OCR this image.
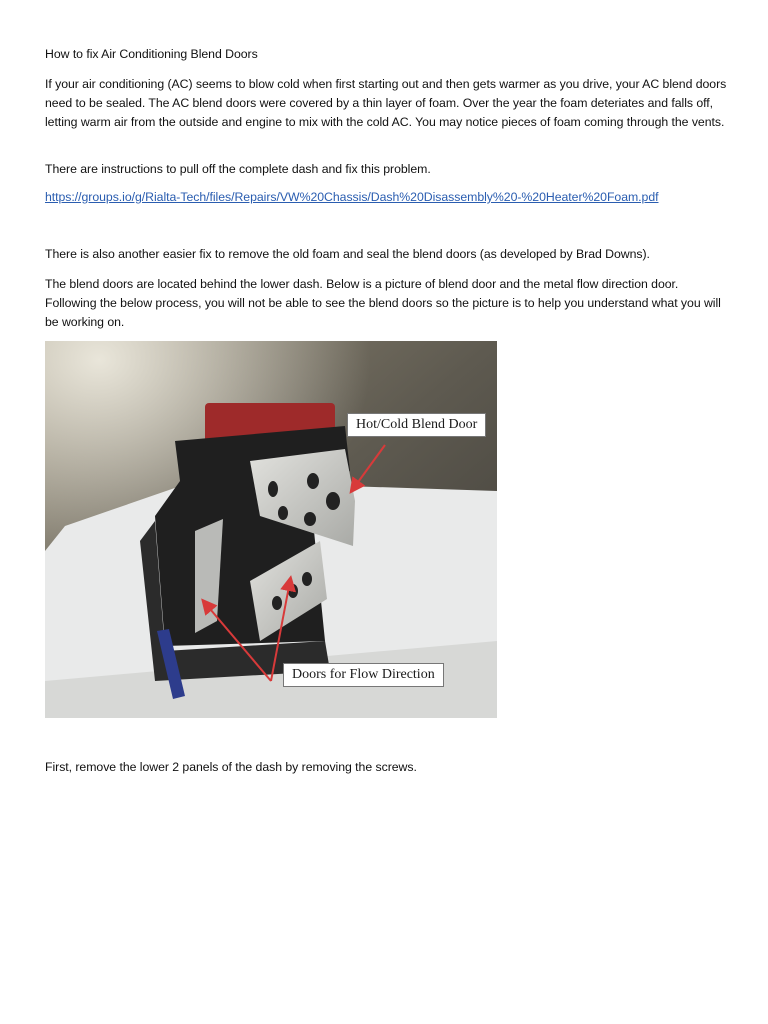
How to fix Air Conditioning Blend Doors

If your air conditioning (AC) seems to blow cold when first starting out and then gets warmer as you drive, your AC blend doors need to be sealed. The AC blend doors were covered by a thin layer of foam. Over the year the foam deteriates and falls off, letting warm air from the outside and engine to mix with the cold AC. You may notice pieces of foam coming through the vents.

There are instructions to pull off the complete dash and fix this problem.

https://groups.io/g/Rialta-Tech/files/Repairs/VW%20Chassis/Dash%20Disassembly%20-%20Heater%20Foam.pdf

There is also another easier fix to remove the old foam and seal the blend doors (as developed by Brad Downs).

The blend doors are located behind the lower dash. Below is a picture of blend door and the metal flow direction door. Following the below process, you will not be able to see the blend doors so the picture is to help you understand what you will be working on.

Hot/Cold Blend Door
Doors for Flow Direction

First, remove the lower 2 panels of the dash by removing the screws.
